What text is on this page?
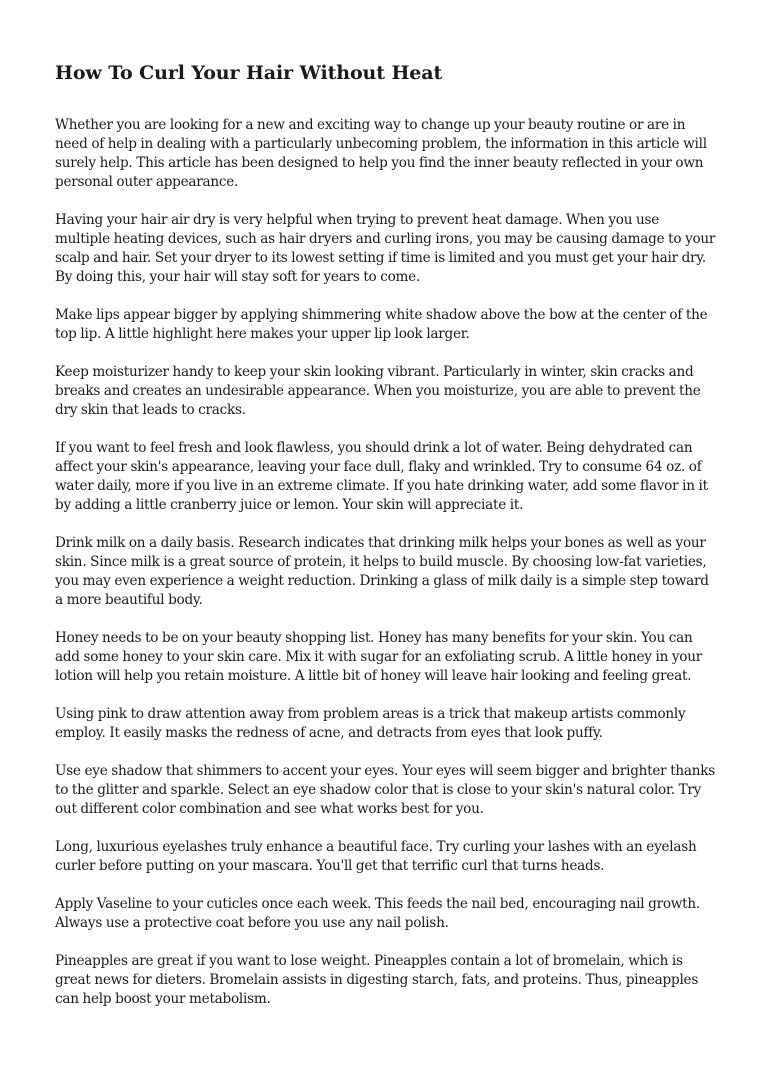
How To Curl Your Hair Without Heat

Whether you are looking for a new and exciting way to change up your beauty routine or are in need of help in dealing with a particularly unbecoming problem, the information in this article will surely help. This article has been designed to help you find the inner beauty reflected in your own personal outer appearance.

Having your hair air dry is very helpful when trying to prevent heat damage. When you use multiple heating devices, such as hair dryers and curling irons, you may be causing damage to your scalp and hair. Set your dryer to its lowest setting if time is limited and you must get your hair dry. By doing this, your hair will stay soft for years to come.

Make lips appear bigger by applying shimmering white shadow above the bow at the center of the top lip. A little highlight here makes your upper lip look larger.

Keep moisturizer handy to keep your skin looking vibrant. Particularly in winter, skin cracks and breaks and creates an undesirable appearance. When you moisturize, you are able to prevent the dry skin that leads to cracks.

If you want to feel fresh and look flawless, you should drink a lot of water. Being dehydrated can affect your skin's appearance, leaving your face dull, flaky and wrinkled. Try to consume 64 oz. of water daily, more if you live in an extreme climate. If you hate drinking water, add some flavor in it by adding a little cranberry juice or lemon. Your skin will appreciate it.

Drink milk on a daily basis. Research indicates that drinking milk helps your bones as well as your skin. Since milk is a great source of protein, it helps to build muscle. By choosing low-fat varieties, you may even experience a weight reduction. Drinking a glass of milk daily is a simple step toward a more beautiful body.

Honey needs to be on your beauty shopping list. Honey has many benefits for your skin. You can add some honey to your skin care. Mix it with sugar for an exfoliating scrub. A little honey in your lotion will help you retain moisture. A little bit of honey will leave hair looking and feeling great.

Using pink to draw attention away from problem areas is a trick that makeup artists commonly employ. It easily masks the redness of acne, and detracts from eyes that look puffy.

Use eye shadow that shimmers to accent your eyes. Your eyes will seem bigger and brighter thanks to the glitter and sparkle. Select an eye shadow color that is close to your skin's natural color. Try out different color combination and see what works best for you.

Long, luxurious eyelashes truly enhance a beautiful face. Try curling your lashes with an eyelash curler before putting on your mascara. You'll get that terrific curl that turns heads.

Apply Vaseline to your cuticles once each week. This feeds the nail bed, encouraging nail growth. Always use a protective coat before you use any nail polish.

Pineapples are great if you want to lose weight. Pineapples contain a lot of bromelain, which is great news for dieters. Bromelain assists in digesting starch, fats, and proteins. Thus, pineapples can help boost your metabolism.
